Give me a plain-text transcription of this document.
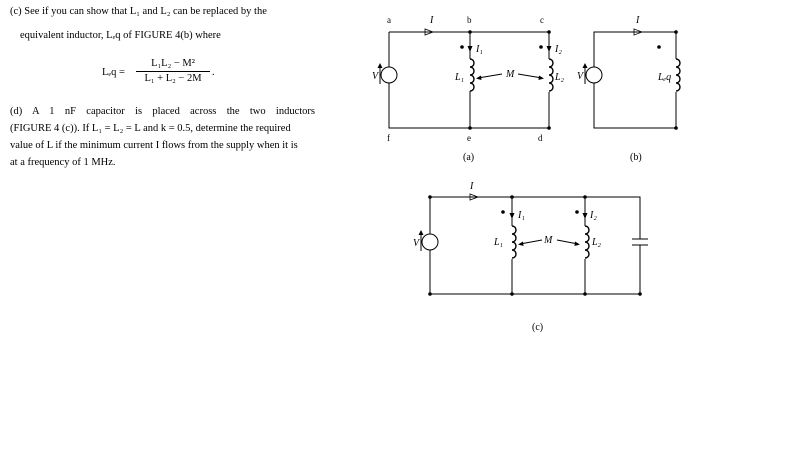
(c) See if you can show that L₁ and L₂ can be replaced by the

equivalent inductor, Lₑq of FIGURE 4(b) where

Lₑq =
L₁L₂ − M²
L₁ + L₂ − 2M
.

(d) A 1 nF capacitor is placed across the two inductors

(FIGURE 4 (c)). If L₁ = L₂ = L and k = 0.5, determine the required

value of L if the minimum current I flows from the supply when it is

at a frequency of 1 MHz.

V
I
a	b	c
d
e
f
I₁
L₁
I₂
L₂
M
(a)
V
I
Lₑq
(b)
V
I
I₁
L₁
I₂
L₂
M
(c)
